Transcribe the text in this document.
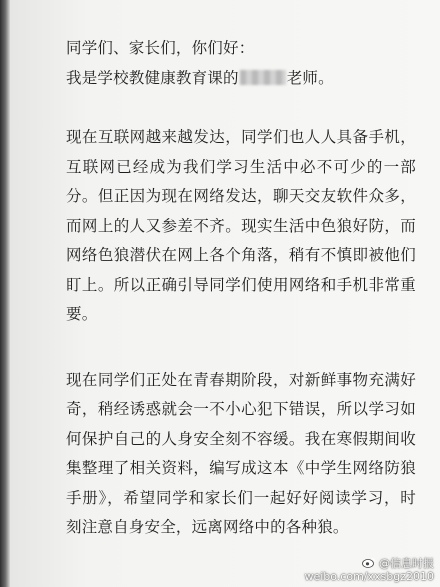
同学们、家长们，你们好：

我是学校教健康教育课的	老师。

现在互联网越来越发达，同学们也人人具备手机，互联网已经成为我们学习生活中必不可少的一部分。但正因为现在网络发达，聊天交友软件众多，而网上的人又参差不齐。现实生活中色狼好防，而网络色狼潜伏在网上各个角落，稍有不慎即被他们盯上。所以正确引导同学们使用网络和手机非常重要。

现在同学们正处在青春期阶段，对新鲜事物充满好奇，稍经诱惑就会一不小心犯下错误，所以学习如何保护自己的人身安全刻不容缓。我在寒假期间收集整理了相关资料，编写成这本《中学生网络防狼手册》，希望同学和家长们一起好好阅读学习，时刻注意自身安全，远离网络中的各种狼。

@信息时报
weibo.com/xxsbgz2010
